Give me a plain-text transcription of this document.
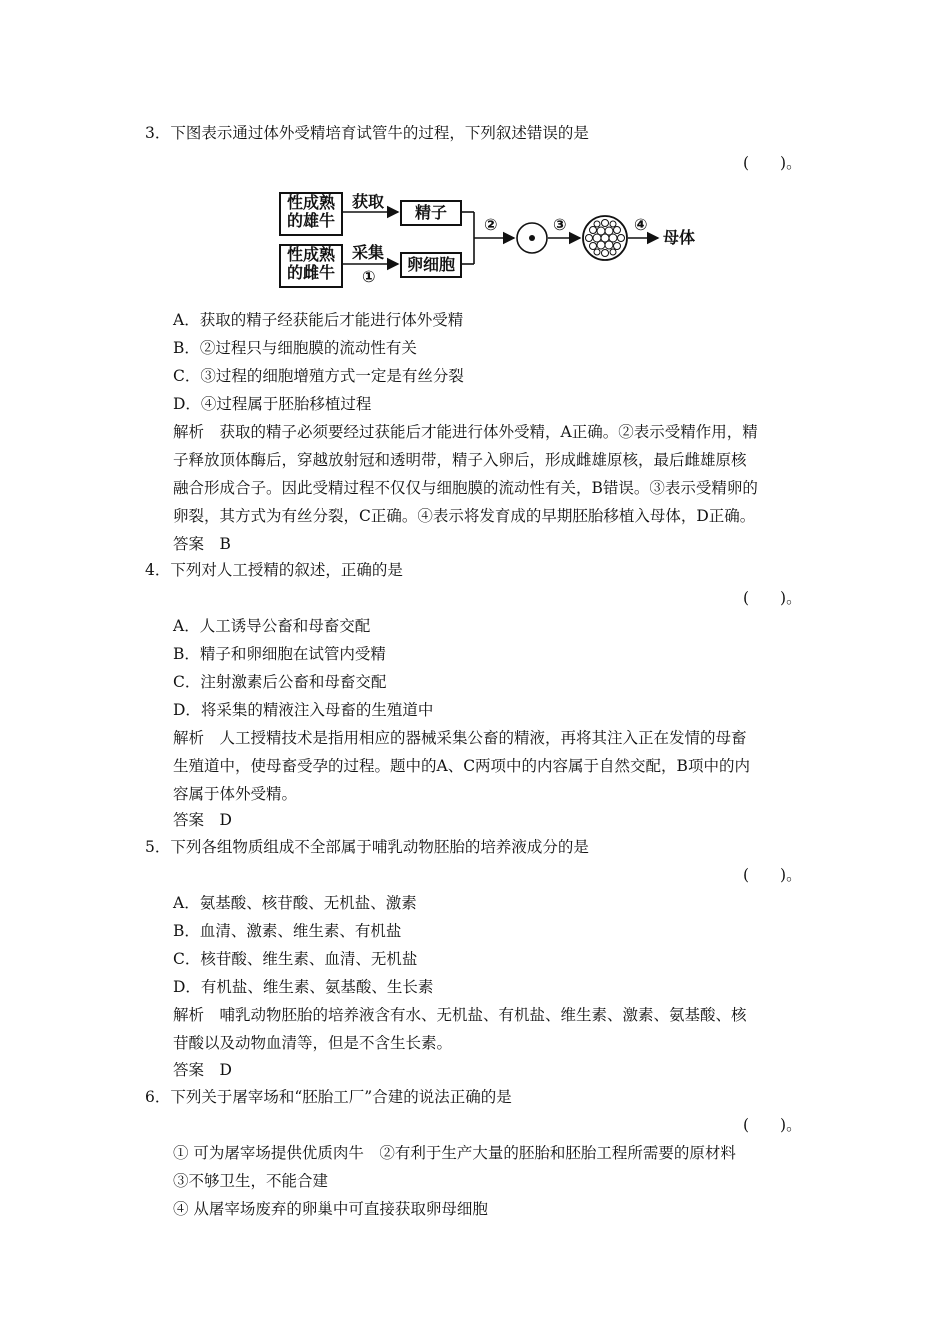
3．下图表示通过体外受精培育试管牛的过程，下列叙述错误的是
(　　)。
性成熟
的雄牛
性成熟
的雌牛
获取
采集
①
精子
卵细胞
②	③	④
母体
A．获取的精子经获能后才能进行体外受精
B．②过程只与细胞膜的流动性有关
C．③过程的细胞增殖方式一定是有丝分裂
D．④过程属于胚胎移植过程
解析　获取的精子必须要经过获能后才能进行体外受精，A正确。②表示受精作用，精
子释放顶体酶后，穿越放射冠和透明带，精子入卵后，形成雌雄原核，最后雌雄原核
融合形成合子。因此受精过程不仅仅与细胞膜的流动性有关，B错误。③表示受精卵的
卵裂，其方式为有丝分裂，C正确。④表示将发育成的早期胚胎移植入母体，D正确。
答案　B
4．下列对人工授精的叙述，正确的是
(　　)。
A．人工诱导公畜和母畜交配
B．精子和卵细胞在试管内受精
C．注射激素后公畜和母畜交配
D．将采集的精液注入母畜的生殖道中
解析　人工授精技术是指用相应的器械采集公畜的精液，再将其注入正在发情的母畜
生殖道中，使母畜受孕的过程。题中的A、C两项中的内容属于自然交配，B项中的内
容属于体外受精。
答案　D
5．下列各组物质组成不全部属于哺乳动物胚胎的培养液成分的是
(　　)。
A．氨基酸、核苷酸、无机盐、激素
B．血清、激素、维生素、有机盐
C．核苷酸、维生素、血清、无机盐
D．有机盐、维生素、氨基酸、生长素
解析　哺乳动物胚胎的培养液含有水、无机盐、有机盐、维生素、激素、氨基酸、核
苷酸以及动物血清等，但是不含生长素。
答案　D
6．下列关于屠宰场和“胚胎工厂”合建的说法正确的是
(　　)。
① 可为屠宰场提供优质肉牛　②有利于生产大量的胚胎和胚胎工程所需要的原材料
③不够卫生，不能合建
④ 从屠宰场废弃的卵巢中可直接获取卵母细胞
